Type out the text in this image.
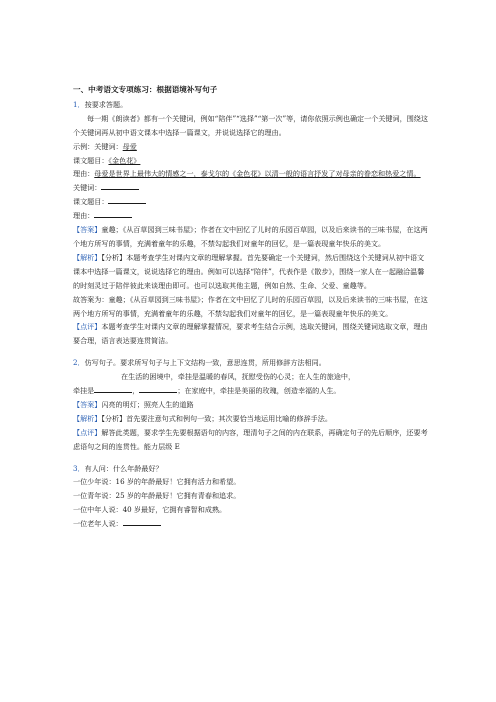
一、中考语文专项练习：根据语境补写句子
1．按要求答题。
每一期《朗读者》都有一个关键词，例如“陪伴”“选择”“第一次”等，请你依照示例也确定一个关键词，围绕这个关键词再从初中语文课本中选择一篇课文，并说说选择它的理由。
示例：关键词：母爱
课文题目：《金色花》
理由：母爱是世界上最伟大的情感之一，泰戈尔的《金色花》以清一般的语言抒发了对母亲的眷恋和热爱之情。
关键词：
课文题目：
理由：
【答案】童趣；《从百草园到三味书屋》；作者在文中回忆了儿时的乐园百草园，以及后来读书的三味书屋，在这两个地方所写的事情，充满着童年的乐趣，不禁勾起我们对童年的回忆，是一篇表现童年快乐的美文。
【解析】【分析】本题考查学生对课内文章的理解掌握。首先要确定一个关键词，然后围绕这个关键词从初中语文课本中选择一篇课文，说说选择它的理由。例如可以选择“陪伴”，代表作是《散步》，围绕一家人在一起融洽温馨的时刻灵过于陪伴彼此来谈理由即可。也可以选取其他主题，例如自然、生命、父爱、童趣等。
故答案为：童趣；《从百草园到三味书屋》；作者在文中回忆了儿时的乐园百草园，以及后来读书的三味书屋，在这两个地方所写的事情，充满着童年的乐趣，不禁勾起我们对童年的回忆，是一篇表现童年快乐的美文。
【点评】本题考查学生对课内文章的理解掌握情况，要求考生结合示例，选取关键词，围绕关键词选取文章，理由要合理，语言表达要连贯简洁。
2．仿写句子。要求所写句子与上下文结构一致，意思连贯，所用修辞方法相同。
在生活的困境中，牵挂是温暖的春风，抚慰受伤的心灵；在人生的旅途中，
牵挂是	，	；在家庭中，牵挂是美丽的玫瑰，创造幸福的人生。
【答案】闪亮的明灯；照亮人生的道路
【解析】【分析】首先要注意句式和例句一致；其次要恰当地运用比喻的修辞手法。
【点评】解答此类题，要求学生先要根据语句的内容，理清句子之间的内在联系，再确定句子的先后顺序，还要考虑语句之间的连贯性。能力层级 E
3．有人问：什么年龄最好？
一位少年说：16 岁的年龄最好！它拥有活力和希望。
一位青年说：25 岁的年龄最好！它拥有青春和追求。
一位中年人说：40 岁最好，它拥有睿智和成熟。
一位老年人说：
